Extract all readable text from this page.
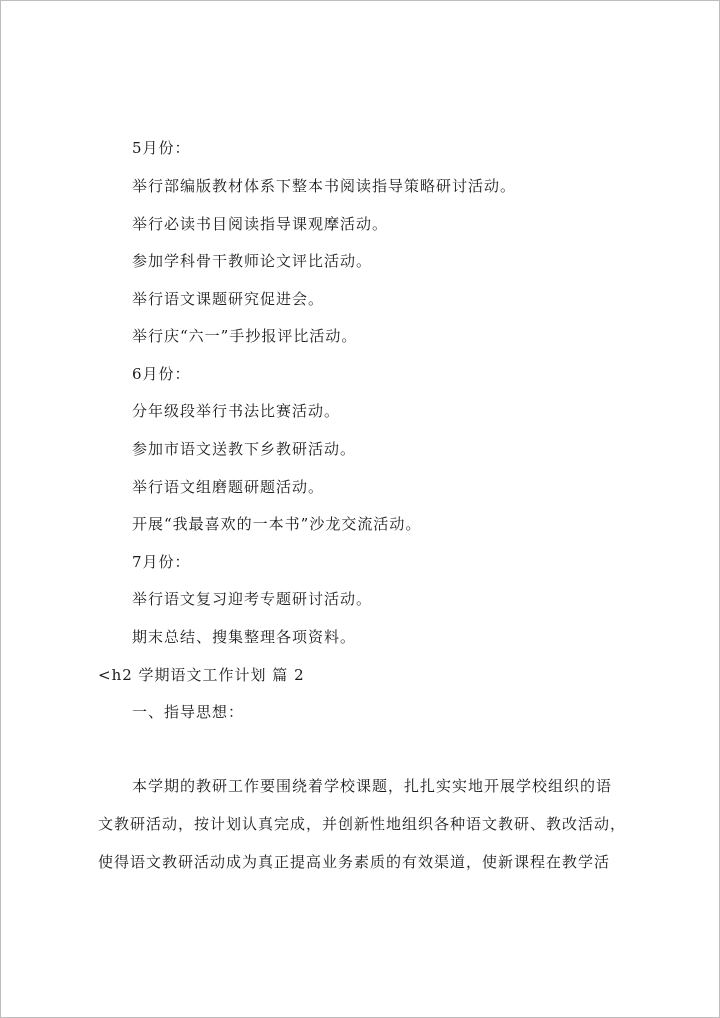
5月份：
举行部编版教材体系下整本书阅读指导策略研讨活动。
举行必读书目阅读指导课观摩活动。
参加学科骨干教师论文评比活动。
举行语文课题研究促进会。
举行庆“六一”手抄报评比活动。
6月份：
分年级段举行书法比赛活动。
参加市语文送教下乡教研活动。
举行语文组磨题研题活动。
开展“我最喜欢的一本书”沙龙交流活动。
7月份：
举行语文复习迎考专题研讨活动。
期末总结、搜集整理各项资料。
<h2 学期语文工作计划 篇 2
一、指导思想：
本学期的教研工作要围绕着学校课题，扎扎实实地开展学校组织的语
文教研活动，按计划认真完成，并创新性地组织各种语文教研、教改活动，
使得语文教研活动成为真正提高业务素质的有效渠道，使新课程在教学活
